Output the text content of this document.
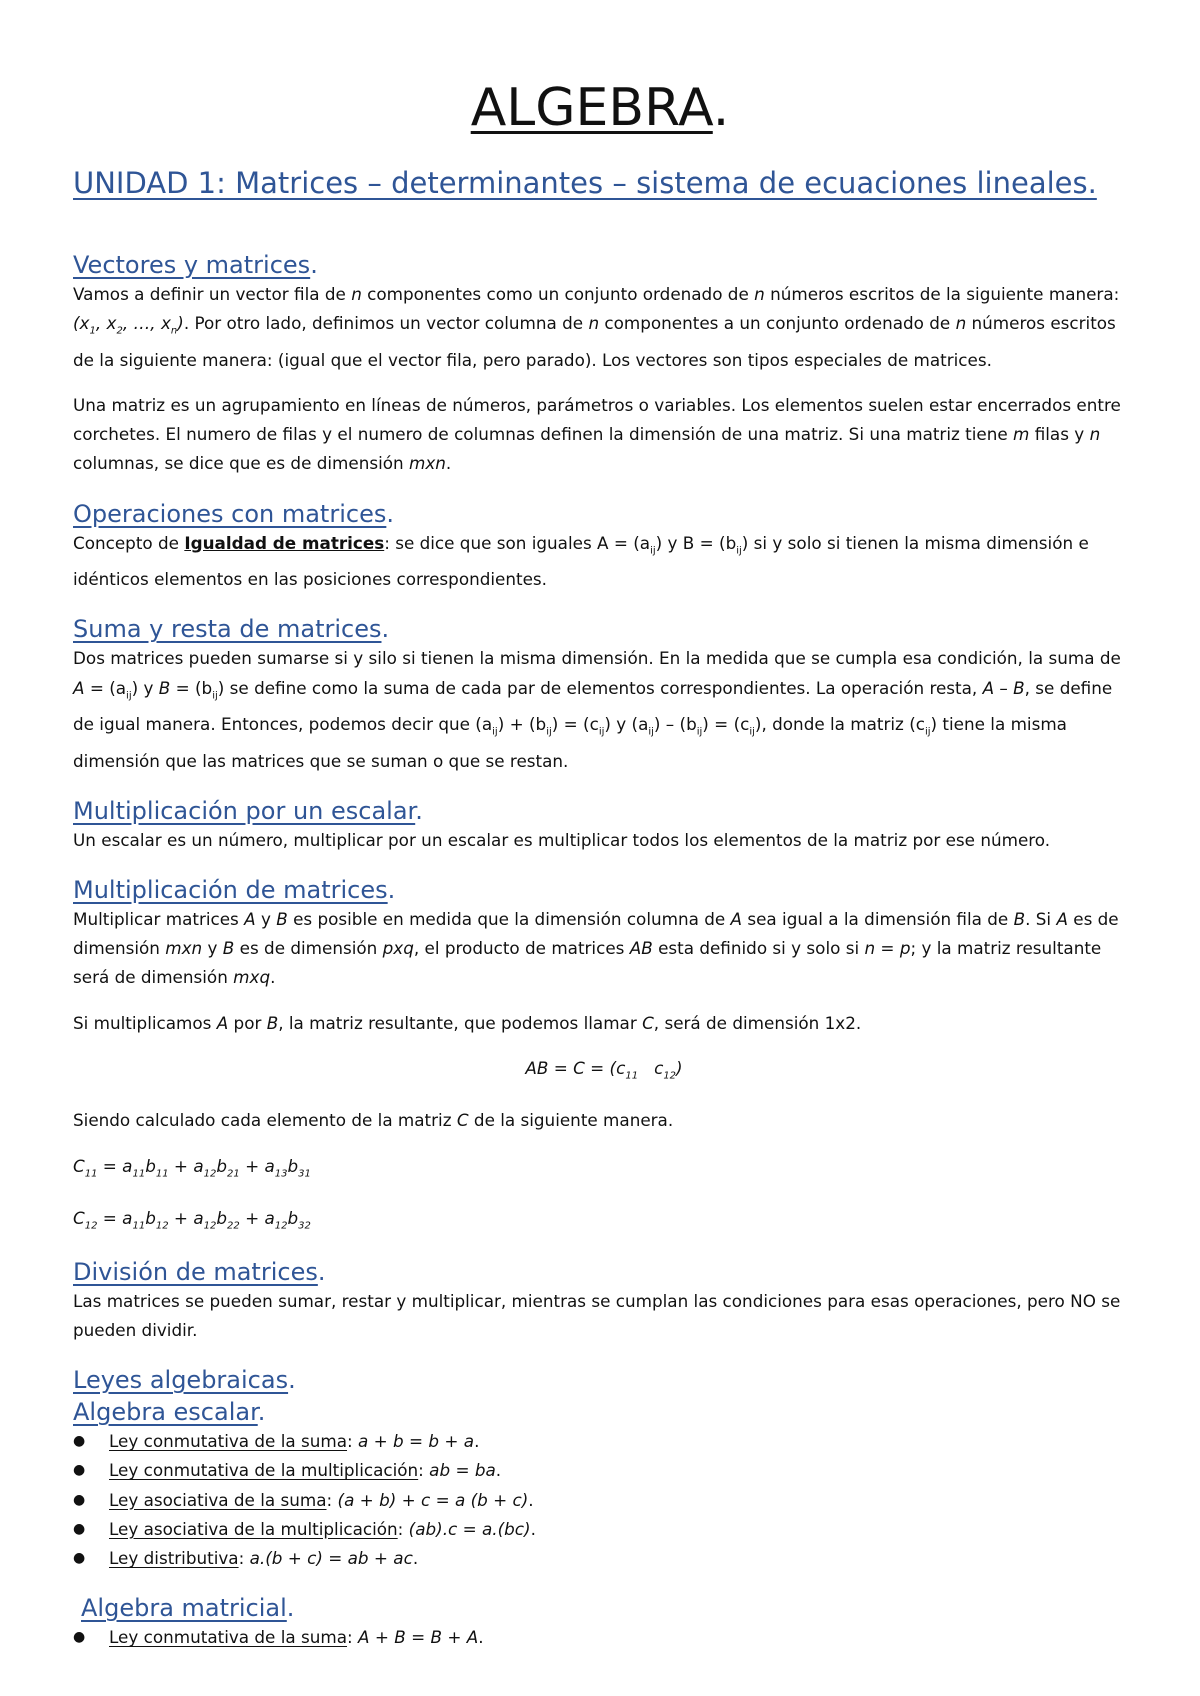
ALGEBRA.
UNIDAD 1: Matrices – determinantes – sistema de ecuaciones lineales.
Vectores y matrices.

Vamos a definir un vector fila de n componentes como un conjunto ordenado de n números escritos de la siguiente manera: ($x_1$, $x_2$, …, $x_n$). Por otro lado, definimos un vector columna de n componentes a un conjunto ordenado de n números escritos de la siguiente manera: (igual que el vector fila, pero parado). Los vectores son tipos especiales de matrices.

Una matriz es un agrupamiento en líneas de números, parámetros o variables. Los elementos suelen estar encerrados entre corchetes. El numero de filas y el numero de columnas definen la dimensión de una matriz. Si una matriz tiene m filas y n columnas, se dice que es de dimensión mxn.

Operaciones con matrices.

Concepto de Igualdad de matrices: se dice que son iguales $A = (a_{ij})$ y $B = (b_{ij})$ si y solo si tienen la misma dimensión e idénticos elementos en las posiciones correspondientes.

Suma y resta de matrices.

Dos matrices pueden sumarse si y silo si tienen la misma dimensión. En la medida que se cumpla esa condición, la suma de $A = (a_{ij})$ y $B = (b_{ij})$ se define como la suma de cada par de elementos correspondientes. La operación resta, A – B, se define de igual manera. Entonces, podemos decir que $(a_{ij}) + (b_{ij}) = (c_{ij})$ y $(a_{ij}) - (b_{ij}) = (c_{ij})$, donde la matriz $(c_{ij})$ tiene la misma dimensión que las matrices que se suman o que se restan.

Multiplicación por un escalar.

Un escalar es un número, multiplicar por un escalar es multiplicar todos los elementos de la matriz por ese número.

Multiplicación de matrices.

Multiplicar matrices A y B es posible en medida que la dimensión columna de A sea igual a la dimensión fila de B. Si A es de dimensión mxn y B es de dimensión pxq, el producto de matrices AB esta definido si y solo si n = p; y la matriz resultante será de dimensión mxq.

Si multiplicamos A por B, la matriz resultante, que podemos llamar C, será de dimensión 1x2.

AB = $C = (c_{11}$   $c_{12}$)

Siendo calculado cada elemento de la matriz C de la siguiente manera.

$C_{11} = a_{11}b_{11} + a_{12}b_{21} + a_{13}b_{31}$

$C_{12} = a_{11}b_{12} + a_{12}b_{22} + a_{12}b_{32}$

División de matrices.

Las matrices se pueden sumar, restar y multiplicar, mientras se cumplan las condiciones para esas operaciones, pero NO se pueden dividir.

Leyes algebraicas.
Algebra escalar.
● Ley conmutativa de la suma: a + b = b + a.
● Ley conmutativa de la multiplicación: ab = ba.
● Ley asociativa de la suma: (a + b) + c = a (b + c).
● Ley asociativa de la multiplicación: (ab).c = a.(bc).
● Ley distributiva: a.(b + c) = ab + ac.
Algebra matricial.
● Ley conmutativa de la suma: A + B = B + A.
